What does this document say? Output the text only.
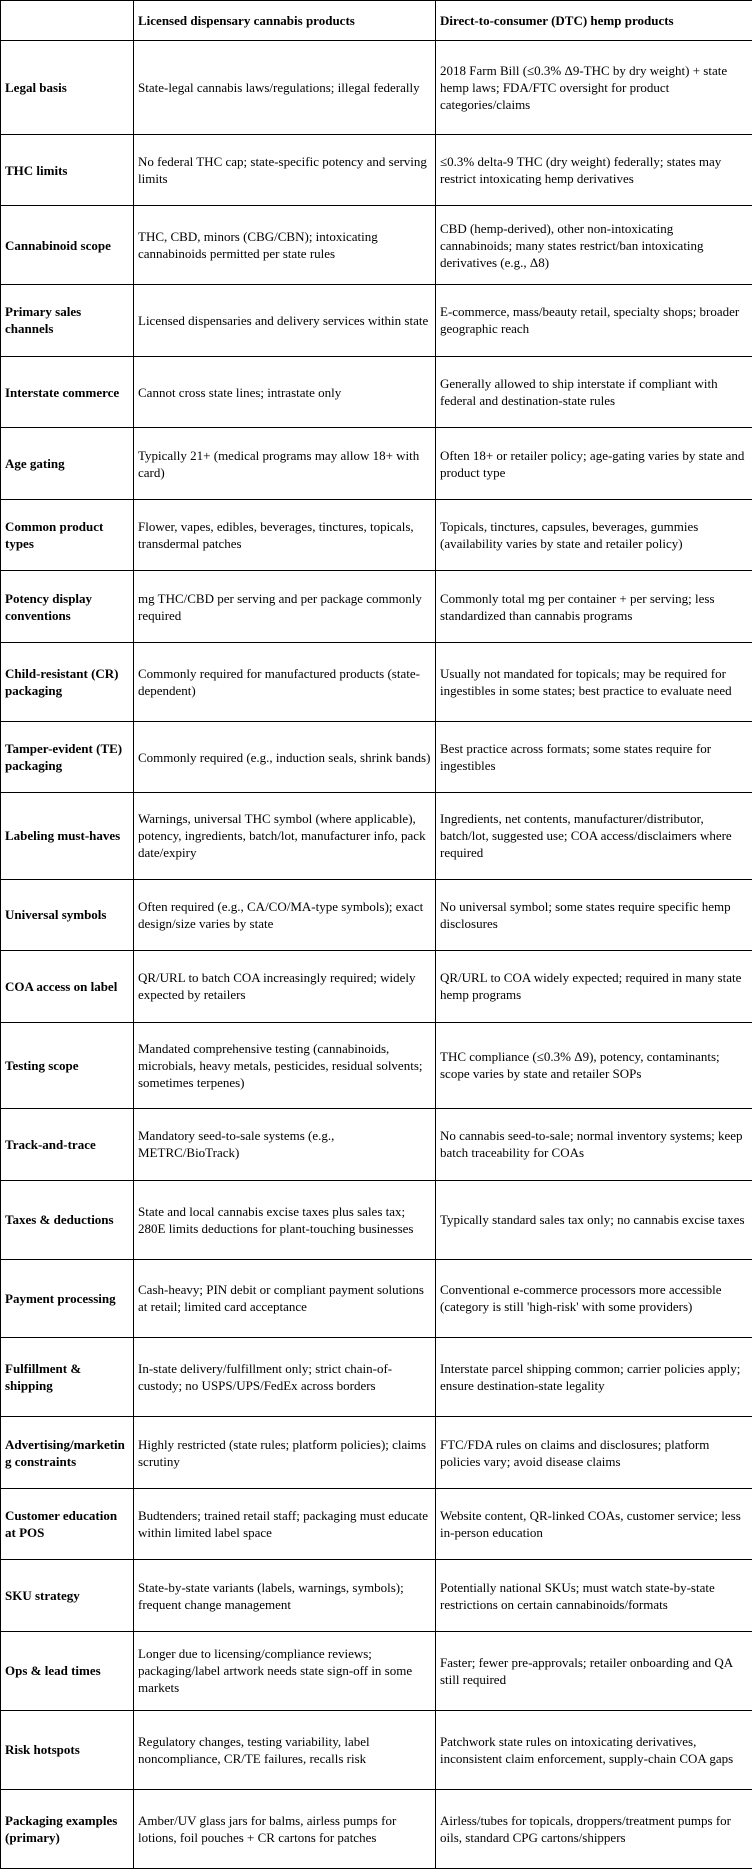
	Licensed dispensary cannabis products	Direct-to-consumer (DTC) hemp products
Legal basis	State-legal cannabis laws/regulations; illegal federally	2018 Farm Bill (≤0.3% Δ9-THC by dry weight) + state hemp laws; FDA/FTC oversight for product categories/claims
THC limits	No federal THC cap; state-specific potency and serving limits	≤0.3% delta-9 THC (dry weight) federally; states may restrict intoxicating hemp derivatives
Cannabinoid scope	THC, CBD, minors (CBG/CBN); intoxicating cannabinoids permitted per state rules	CBD (hemp-derived), other non-intoxicating cannabinoids; many states restrict/ban intoxicating derivatives (e.g., Δ8)
Primary sales channels	Licensed dispensaries and delivery services within state	E-commerce, mass/beauty retail, specialty shops; broader geographic reach
Interstate commerce	Cannot cross state lines; intrastate only	Generally allowed to ship interstate if compliant with federal and destination-state rules
Age gating	Typically 21+ (medical programs may allow 18+ with card)	Often 18+ or retailer policy; age-gating varies by state and product type
Common product types	Flower, vapes, edibles, beverages, tinctures, topicals, transdermal patches	Topicals, tinctures, capsules, beverages, gummies (availability varies by state and retailer policy)
Potency display conventions	mg THC/CBD per serving and per package commonly required	Commonly total mg per container + per serving; less standardized than cannabis programs
Child-resistant (CR) packaging	Commonly required for manufactured products (state-dependent)	Usually not mandated for topicals; may be required for ingestibles in some states; best practice to evaluate need
Tamper-evident (TE) packaging	Commonly required (e.g., induction seals, shrink bands)	Best practice across formats; some states require for ingestibles
Labeling must-haves	Warnings, universal THC symbol (where applicable), potency, ingredients, batch/lot, manufacturer info, pack date/expiry	Ingredients, net contents, manufacturer/distributor, batch/lot, suggested use; COA access/disclaimers where required
Universal symbols	Often required (e.g., CA/CO/MA-type symbols); exact design/size varies by state	No universal symbol; some states require specific hemp disclosures
COA access on label	QR/URL to batch COA increasingly required; widely expected by retailers	QR/URL to COA widely expected; required in many state hemp programs
Testing scope	Mandated comprehensive testing (cannabinoids, microbials, heavy metals, pesticides, residual solvents; sometimes terpenes)	THC compliance (≤0.3% Δ9), potency, contaminants; scope varies by state and retailer SOPs
Track-and-trace	Mandatory seed-to-sale systems (e.g., METRC/BioTrack)	No cannabis seed-to-sale; normal inventory systems; keep batch traceability for COAs
Taxes & deductions	State and local cannabis excise taxes plus sales tax; 280E limits deductions for plant-touching businesses	Typically standard sales tax only; no cannabis excise taxes
Payment processing	Cash-heavy; PIN debit or compliant payment solutions at retail; limited card acceptance	Conventional e-commerce processors more accessible (category is still 'high-risk' with some providers)
Fulfillment & shipping	In-state delivery/fulfillment only; strict chain-of-custody; no USPS/UPS/FedEx across borders	Interstate parcel shipping common; carrier policies apply; ensure destination-state legality
Advertising/marketing constraints	Highly restricted (state rules; platform policies); claims scrutiny	FTC/FDA rules on claims and disclosures; platform policies vary; avoid disease claims
Customer education at POS	Budtenders; trained retail staff; packaging must educate within limited label space	Website content, QR-linked COAs, customer service; less in-person education
SKU strategy	State-by-state variants (labels, warnings, symbols); frequent change management	Potentially national SKUs; must watch state-by-state restrictions on certain cannabinoids/formats
Ops & lead times	Longer due to licensing/compliance reviews; packaging/label artwork needs state sign-off in some markets	Faster; fewer pre-approvals; retailer onboarding and QA still required
Risk hotspots	Regulatory changes, testing variability, label noncompliance, CR/TE failures, recalls risk	Patchwork state rules on intoxicating derivatives, inconsistent claim enforcement, supply-chain COA gaps
Packaging examples (primary)	Amber/UV glass jars for balms, airless pumps for lotions, foil pouches + CR cartons for patches	Airless/tubes for topicals, droppers/treatment pumps for oils, standard CPG cartons/shippers
